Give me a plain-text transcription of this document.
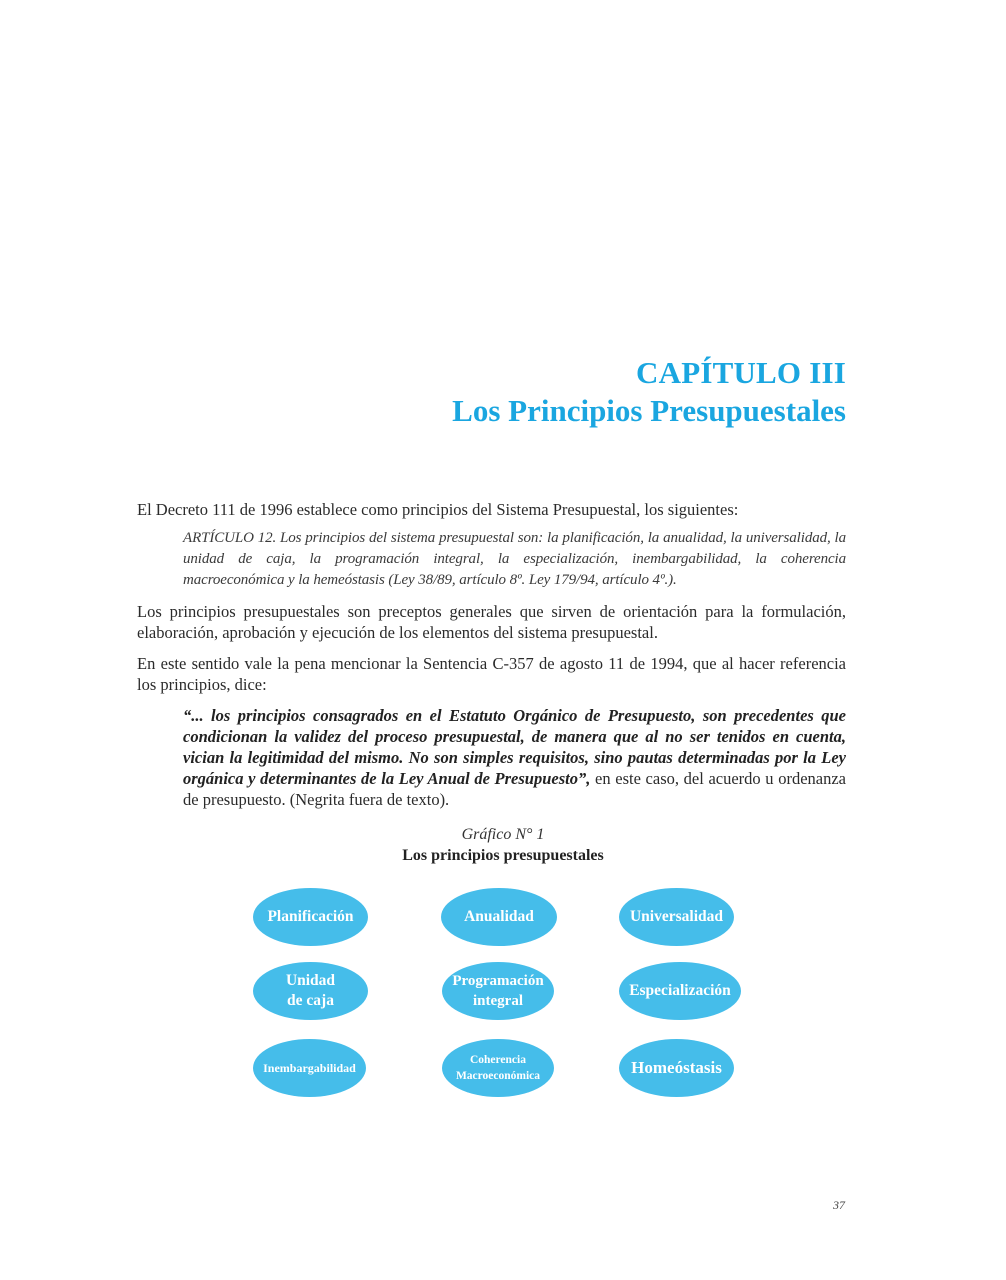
CAPÍTULO III
Los Principios Presupuestales

El Decreto 111 de 1996 establece como principios del Sistema Presupuestal, los siguientes:

ARTÍCULO 12. Los principios del sistema presupuestal son: la planificación, la anualidad, la universalidad, la unidad de caja, la programación integral, la especialización, inembargabilidad, la coherencia macroeconómica y la hemeóstasis (Ley 38/89, artículo 8º. Ley 179/94, artículo 4º.).

Los principios presupuestales son preceptos generales que sirven de orientación para la formulación, elaboración, aprobación y ejecución de los elementos del sistema presupuestal.

En este sentido vale la pena mencionar la Sentencia C-357 de agosto 11 de 1994, que al hacer referencia los principios, dice:

“... los principios consagrados en el Estatuto Orgánico de Presupuesto, son precedentes que condicionan la validez del proceso presupuestal, de manera que al no ser tenidos en cuenta, vician la legitimidad del mismo. No son simples requisitos, sino pautas determinadas por la Ley orgánica y determinantes de la Ley Anual de Presupuesto”, en este caso, del acuerdo u ordenanza de presupuesto. (Negrita fuera de texto).

Gráfico N° 1
Los principios presupuestales
Planificación	Anualidad	Universalidad
Unidad
de caja
Programación
integral
Especialización
Inembargabilidad
Coherencia
Macroeconómica	Homeóstasis
37
